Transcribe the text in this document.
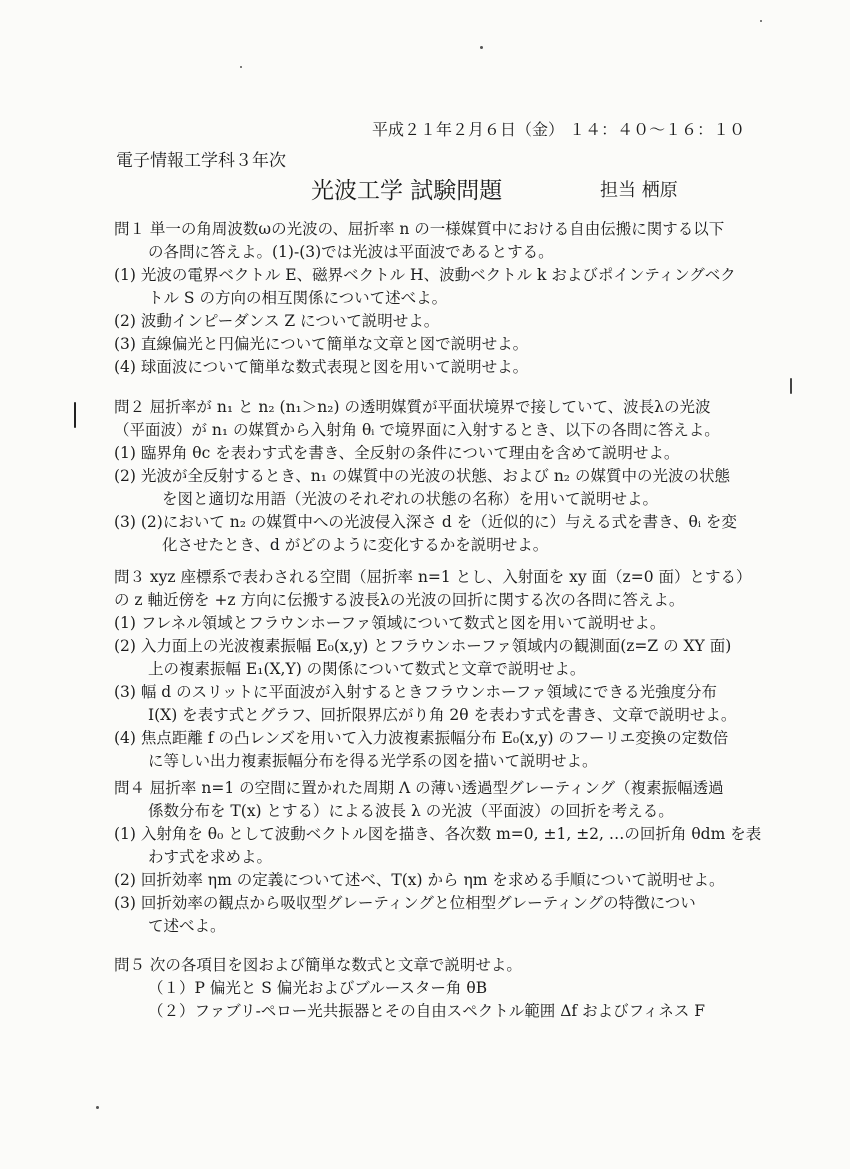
平成２１年２月６日（金） １４：４０〜１６：１０
電子情報工学科３年次
光波工学 試験問題	担当 栖原
問１ 単一の角周波数ωの光波の、屈折率 n の一様媒質中における自由伝搬に関する以下
の各問に答えよ。(1)-(3)では光波は平面波であるとする。
(1) 光波の電界ベクトル E、磁界ベクトル H、波動ベクトル k およびポインティングベク
トル S の方向の相互関係について述べよ。
(2) 波動インピーダンス Z について説明せよ。
(3) 直線偏光と円偏光について簡単な文章と図で説明せよ。
(4) 球面波について簡単な数式表現と図を用いて説明せよ。
問２ 屈折率が n₁ と n₂ (n₁＞n₂) の透明媒質が平面状境界で接していて、波長λの光波
（平面波）が n₁ の媒質から入射角 θᵢ で境界面に入射するとき、以下の各問に答えよ。
(1) 臨界角 θc を表わす式を書き、全反射の条件について理由を含めて説明せよ。
(2) 光波が全反射するとき、n₁ の媒質中の光波の状態、および n₂ の媒質中の光波の状態
を図と適切な用語（光波のそれぞれの状態の名称）を用いて説明せよ。
(3) (2)において n₂ の媒質中への光波侵入深さ d を（近似的に）与える式を書き、θᵢ を変
化させたとき、d がどのように変化するかを説明せよ。
問３ xyz 座標系で表わされる空間（屈折率 n=1 とし、入射面を xy 面（z=0 面）とする）
の z 軸近傍を +z 方向に伝搬する波長λの光波の回折に関する次の各問に答えよ。
(1) フレネル領域とフラウンホーファ領域について数式と図を用いて説明せよ。
(2) 入力面上の光波複素振幅 E₀(x,y) とフラウンホーファ領域内の観測面(z=Z の XY 面)
上の複素振幅 E₁(X,Y) の関係について数式と文章で説明せよ。
(3) 幅 d のスリットに平面波が入射するときフラウンホーファ領域にできる光強度分布
I(X) を表す式とグラフ、回折限界広がり角 2θ を表わす式を書き、文章で説明せよ。
(4) 焦点距離 f の凸レンズを用いて入力波複素振幅分布 E₀(x,y) のフーリエ変換の定数倍
に等しい出力複素振幅分布を得る光学系の図を描いて説明せよ。
問４ 屈折率 n=1 の空間に置かれた周期 Λ の薄い透過型グレーティング（複素振幅透過
係数分布を T(x) とする）による波長 λ の光波（平面波）の回折を考える。
(1) 入射角を θ₀ として波動ベクトル図を描き、各次数 m=0, ±1, ±2, …の回折角 θdm を表
わす式を求めよ。
(2) 回折効率 ηm の定義について述べ、T(x) から ηm を求める手順について説明せよ。
(3) 回折効率の観点から吸収型グレーティングと位相型グレーティングの特徴につい
て述べよ。
問５ 次の各項目を図および簡単な数式と文章で説明せよ。
（１）P 偏光と S 偏光およびブルースター角 θB
（２）ファブリ-ペロー光共振器とその自由スペクトル範囲 Δf およびフィネス F
